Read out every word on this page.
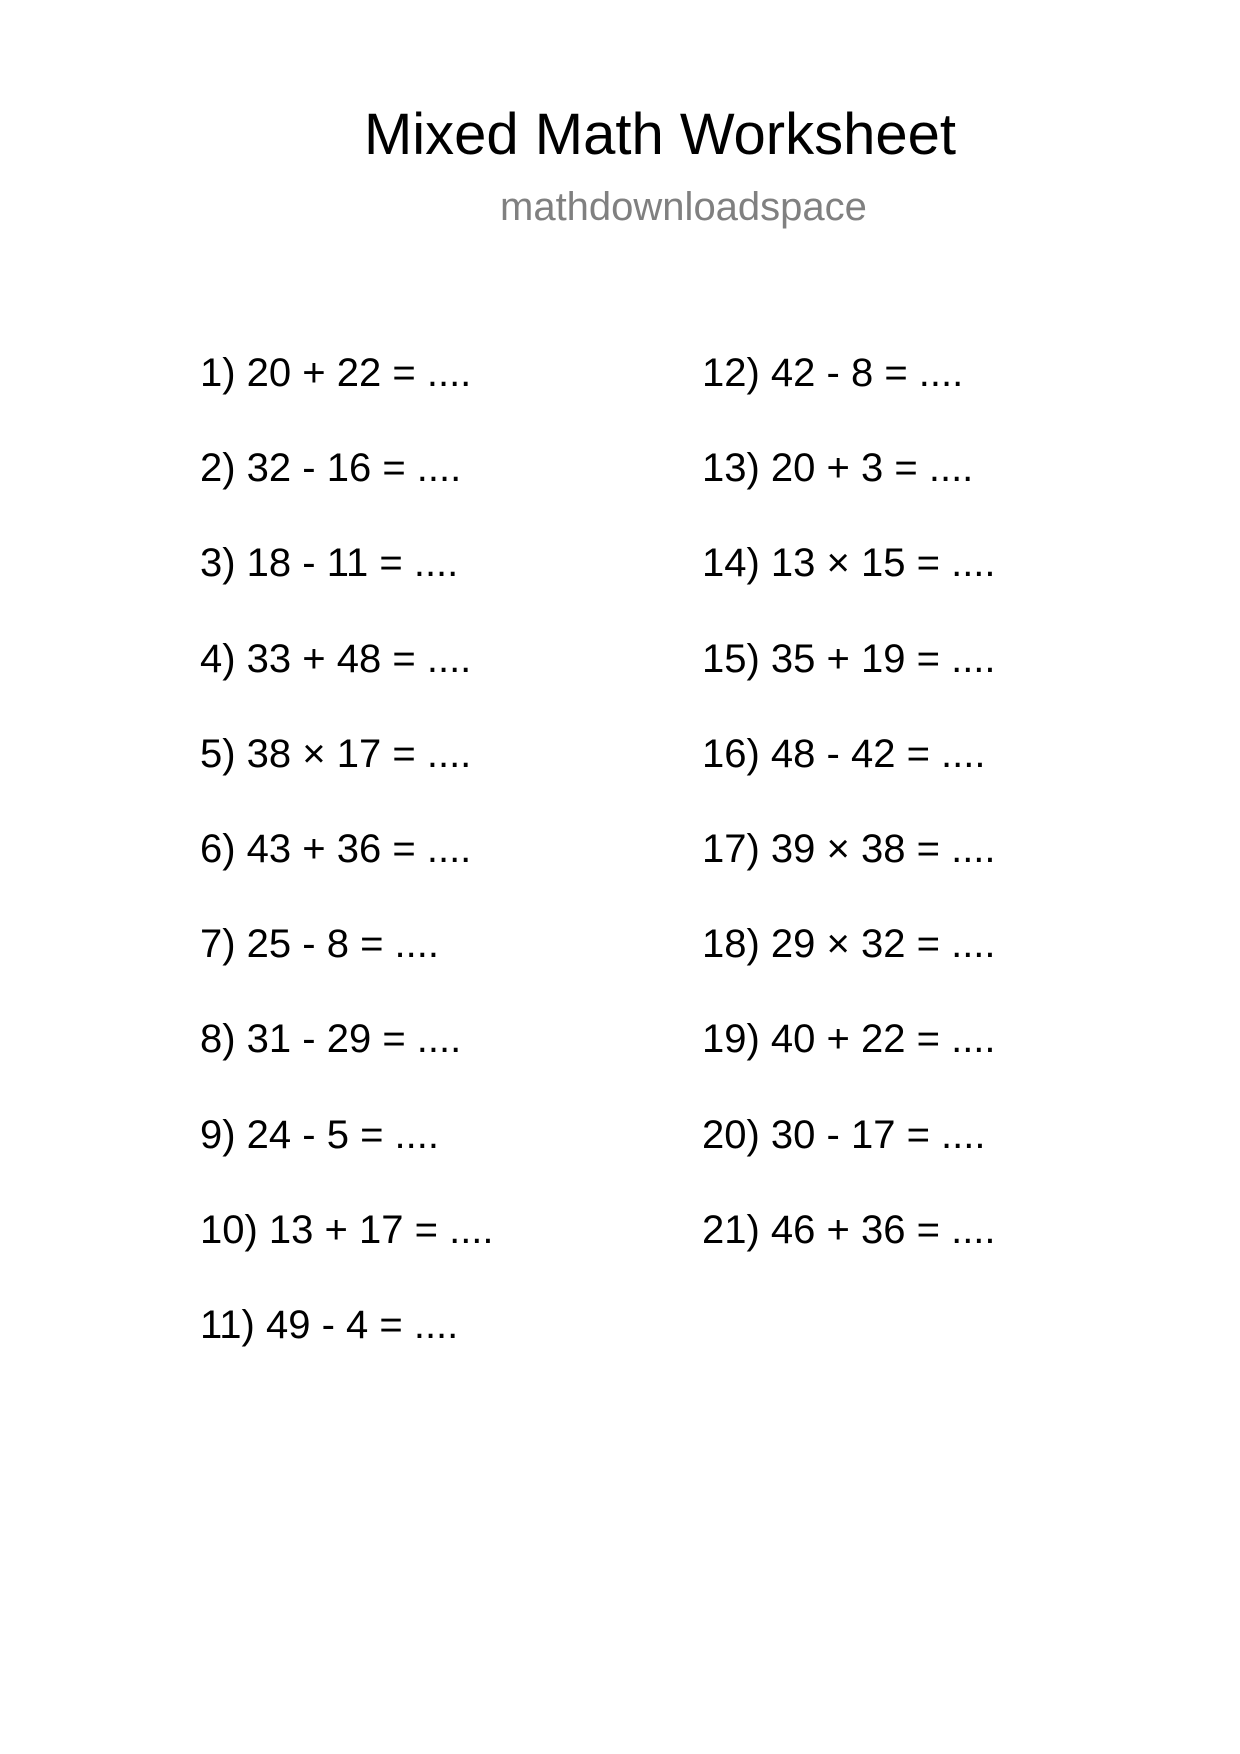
Mixed Math Worksheet
mathdownloadspace
1) 20 + 22 = ....
2) 32 - 16 = ....
3) 18 - 11 = ....
4) 33 + 48 = ....
5) 38 × 17 = ....
6) 43 + 36 = ....
7) 25 - 8 = ....
8) 31 - 29 = ....
9) 24 - 5 = ....
10) 13 + 17 = ....
11) 49 - 4 = ....
12) 42 - 8 = ....
13) 20 + 3 = ....
14) 13 × 15 = ....
15) 35 + 19 = ....
16) 48 - 42 = ....
17) 39 × 38 = ....
18) 29 × 32 = ....
19) 40 + 22 = ....
20) 30 - 17 = ....
21) 46 + 36 = ....
